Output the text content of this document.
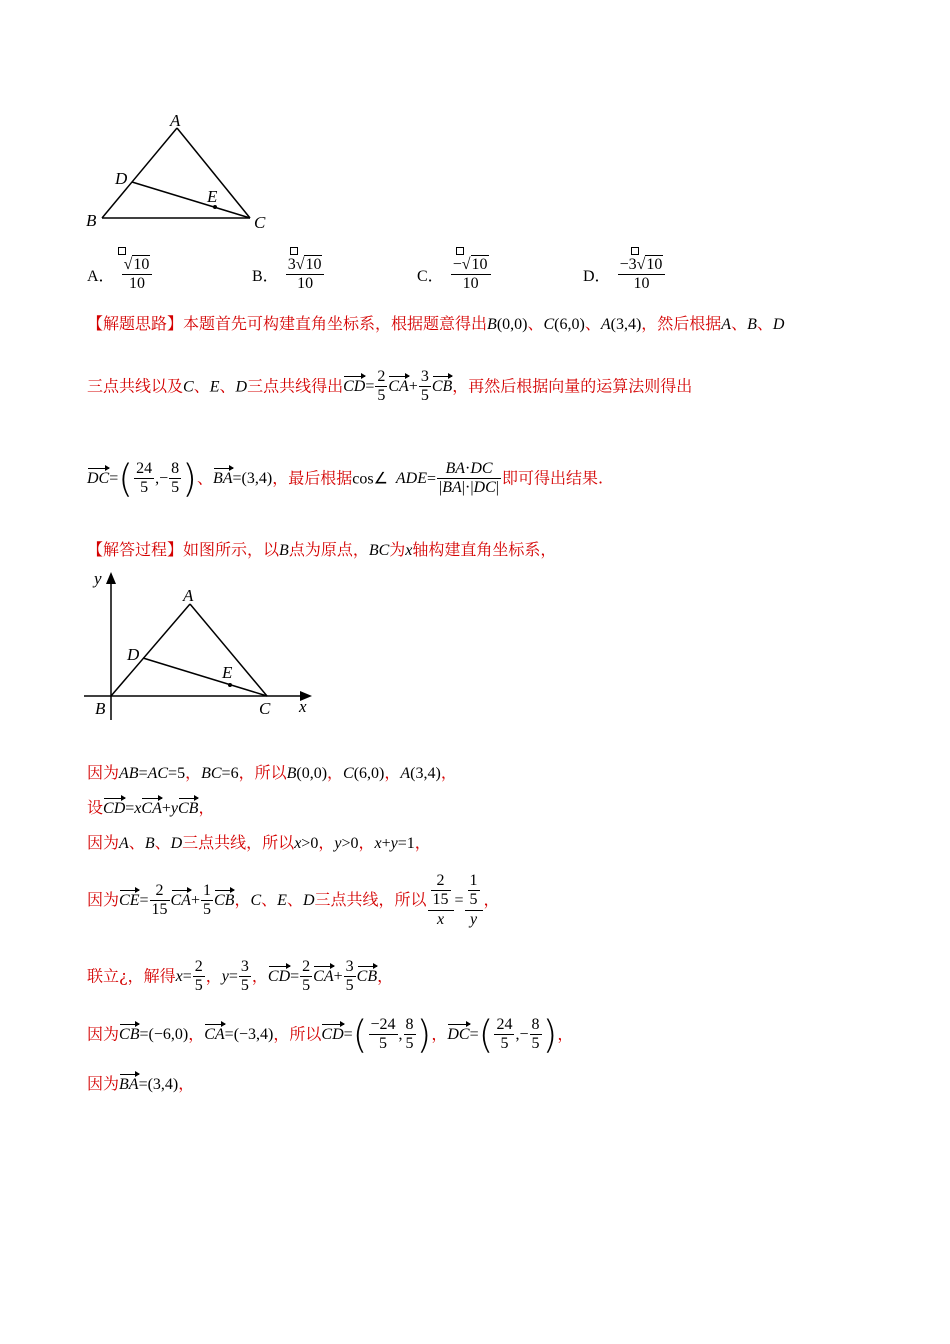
A
B	C
D
E
A． $\frac{√10}{10}$	B． 3
√10
10	C． −
√10
10	D． −3
√10
10
【解题思路】本题首先可构建直角坐标系，根据题意得出B(0,0)、C(6,0)、A(3,4)，然后根据A、B、D
三点共线以及C、E、D三点共线得出$CD= \frac{2}{5} CA+ \frac{3}{5}$ CB，再然后根据向量的运算法则得出
$DC=( \frac{24}{5}$ ,− $\frac{8}{5}$ )、BA=(3,4)，最后根据cos∠ $ADE= \frac{BA\cdot DC}{|BA|\cdot|DC|}$ 即可得出结果.
【解答过程】如图所示，以B点为原点，BC为x轴构建直角坐标系，
y
A
D
E
B	C x
因为AB=AC=5，BC=6，所以B(0,0)，C(6,0)，A(3,4)，
设CD=xCA+yCB，
因为A、B、D三点共线，所以x>0，y>0，x+y=1，
因为$CE= \frac{2}{15} CA+ \frac{1}{5}$ CB，C、E、D三点共线，所以 $\frac{\frac{2}{15}}{x} = \frac{\frac{1}{5}}{y}$ ，
联立¿，解得$x= \frac{2}{5}$ ，$y= \frac{3}{5}$ ，$CD= \frac{2}{5} CA+ \frac{3}{5}$ CB，
因为CB=(−6,0)，CA=(−3,4)，所以$CD=( \frac{-24}{5}$ , $\frac{8}{5}$ )，$DC=( \frac{24}{5}$ ,− $\frac{8}{5}$ )，
因为BA=(3,4)，
